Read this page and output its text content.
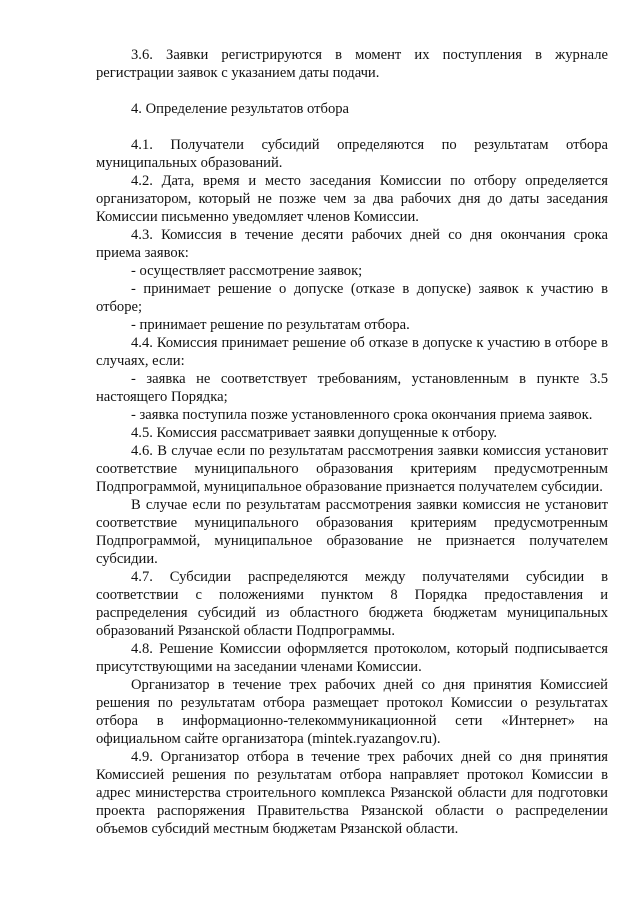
3.6. Заявки регистрируются в момент их поступления в журнале регистрации заявок с указанием даты подачи.

4. Определение результатов отбора

4.1. Получатели субсидий определяются по результатам отбора муниципальных образований.

4.2. Дата, время и место заседания Комиссии по отбору определяется организатором, который не позже чем за два рабочих дня до даты заседания Комиссии письменно уведомляет членов Комиссии.

4.3. Комиссия в течение десяти рабочих дней со дня окончания срока приема заявок:

- осуществляет рассмотрение заявок;

- принимает решение о допуске (отказе в допуске) заявок к участию в отборе;

- принимает решение по результатам отбора.

4.4. Комиссия принимает решение об отказе в допуске к участию в отборе в случаях, если:

- заявка не соответствует требованиям, установленным в пункте 3.5 настоящего Порядка;

- заявка поступила позже установленного срока окончания приема заявок.

4.5. Комиссия рассматривает заявки допущенные к отбору.

4.6. В случае если по результатам рассмотрения заявки комиссия установит соответствие муниципального образования критериям предусмотренным Подпрограммой, муниципальное образование признается получателем субсидии.

В случае если по результатам рассмотрения заявки комиссия не установит соответствие муниципального образования критериям предусмотренным Подпрограммой, муниципальное образование не признается получателем субсидии.

4.7. Субсидии распределяются между получателями субсидии в соответствии с положениями пунктом 8 Порядка предоставления и распределения субсидий из областного бюджета бюджетам муниципальных образований Рязанской области Подпрограммы.

4.8. Решение Комиссии оформляется протоколом, который подписывается присутствующими на заседании членами Комиссии.

Организатор в течение трех рабочих дней со дня принятия Комиссией решения по результатам отбора размещает протокол Комиссии о результатах отбора в информационно-телекоммуникационной сети «Интернет» на официальном сайте организатора (mintek.ryazangov.ru).

4.9. Организатор отбора в течение трех рабочих дней со дня принятия Комиссией решения по результатам отбора направляет протокол Комиссии в адрес министерства строительного комплекса Рязанской области для подготовки проекта распоряжения Правительства Рязанской области о распределении объемов субсидий местным бюджетам Рязанской области.
